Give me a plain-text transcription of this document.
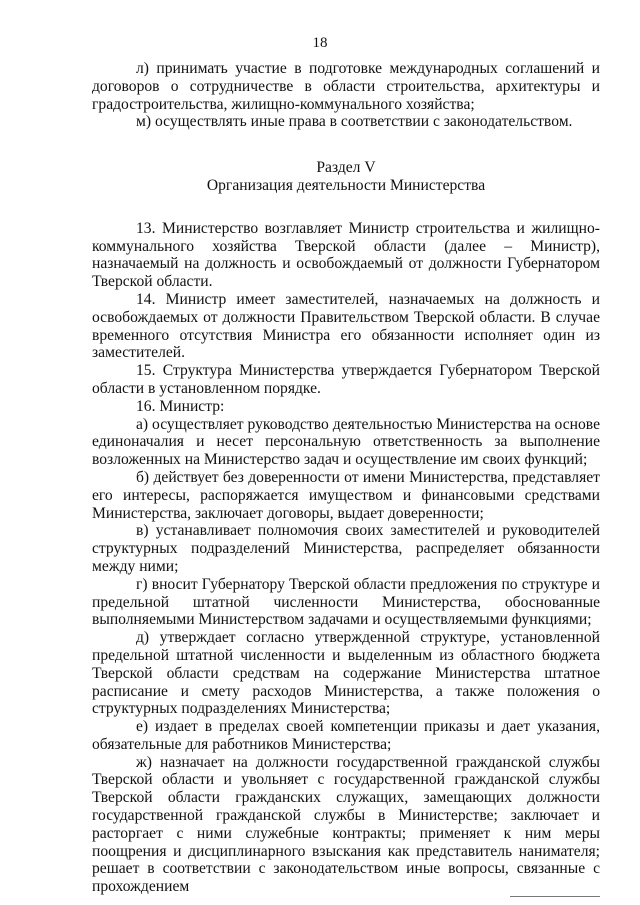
18

л) принимать участие в подготовке международных соглашений и договоров о сотрудничестве в области строительства, архитектуры и градостроительства, жилищно-коммунального хозяйства;

м) осуществлять иные права в соответствии с законодательством.

Раздел V

Организация деятельности Министерства

13. Министерство возглавляет Министр строительства и жилищно-коммунального хозяйства Тверской области (далее – Министр), назначаемый на должность и освобождаемый от должности Губернатором Тверской области.

14. Министр имеет заместителей, назначаемых на должность и освобождаемых от должности Правительством Тверской области. В случае временного отсутствия Министра его обязанности исполняет один из заместителей.

15. Структура Министерства утверждается Губернатором Тверской области в установленном порядке.

16. Министр:

а) осуществляет руководство деятельностью Министерства на основе единоначалия и несет персональную ответственность за выполнение возложенных на Министерство задач и осуществление им своих функций;

б) действует без доверенности от имени Министерства, представляет его интересы, распоряжается имуществом и финансовыми средствами Министерства, заключает договоры, выдает доверенности;

в) устанавливает полномочия своих заместителей и руководителей структурных подразделений Министерства, распределяет обязанности между ними;

г) вносит Губернатору Тверской области предложения по структуре и предельной штатной численности Министерства, обоснованные выполняемыми Министерством задачами и осуществляемыми функциями;

д) утверждает согласно утвержденной структуре, установленной предельной штатной численности и выделенным из областного бюджета Тверской области средствам на содержание Министерства штатное расписание и смету расходов Министерства, а также положения о структурных подразделениях Министерства;

е) издает в пределах своей компетенции приказы и дает указания, обязательные для работников Министерства;

ж) назначает на должности государственной гражданской службы Тверской области и увольняет с государственной гражданской службы Тверской области гражданских служащих, замещающих должности государственной гражданской службы в Министерстве; заключает и расторгает с ними служебные контракты; применяет к ним меры поощрения и дисциплинарного взыскания как представитель нанимателя; решает в соответствии с законодательством иные вопросы, связанные с прохождением
